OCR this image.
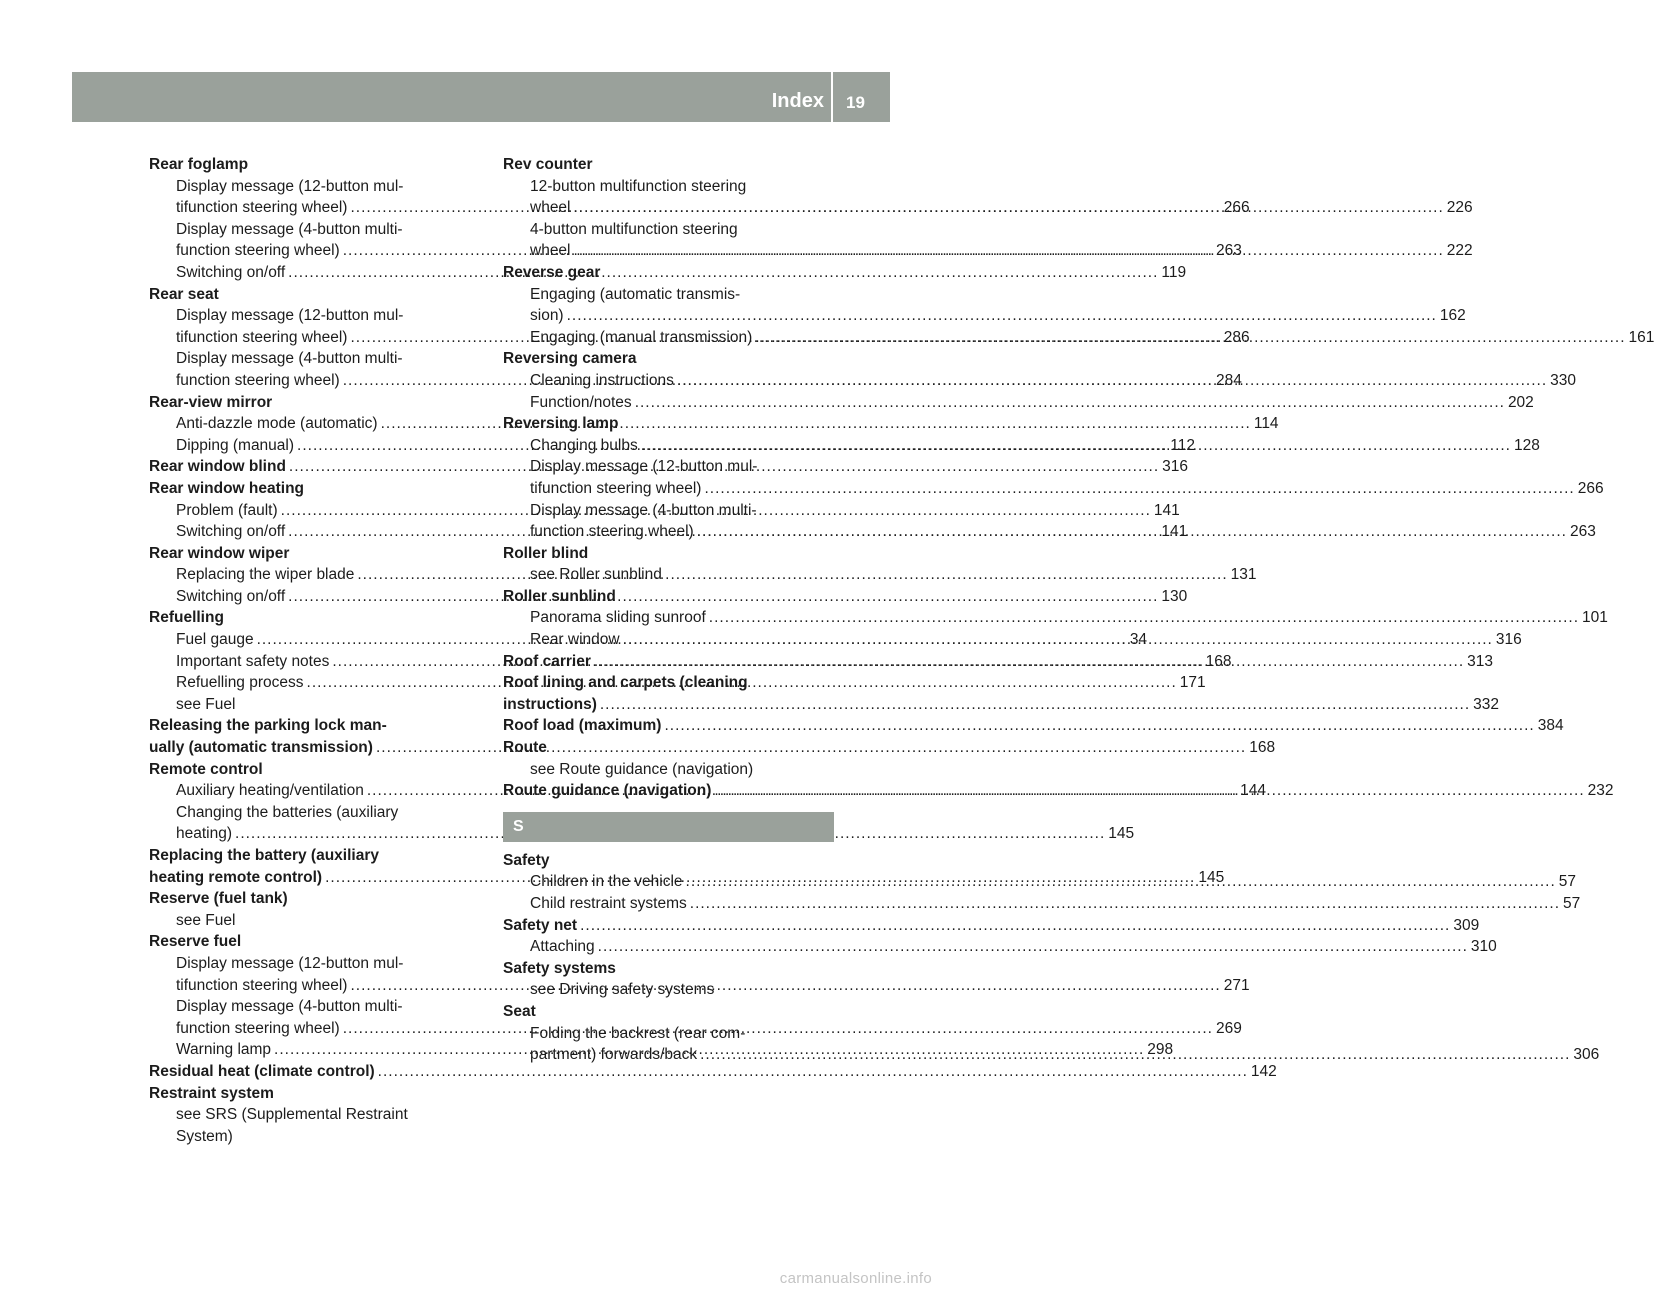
Index 19
Rear foglamp
Display message (12-button mul-
tifunction steering wheel) .....	266
Display message (4-button multi-
function steering wheel) .....	263
Switching on/off .....	119
Rear seat
Display message (12-button mul-
tifunction steering wheel) .....	286
Display message (4-button multi-
function steering wheel) .....	284
Rear-view mirror
Anti-dazzle mode (automatic) .....	114
Dipping (manual) .....	112
Rear window blind .....	316
Rear window heating
Problem (fault) .....	141
Switching on/off .....	141
Rear window wiper
Replacing the wiper blade .....	131
Switching on/off .....	130
Refuelling
Fuel gauge .....	34
Important safety notes .....	168
Refuelling process .....	171
see Fuel
Releasing the parking lock man-
ually (automatic transmission) .....	168
Remote control
Auxiliary heating/ventilation .....	144
Changing the batteries (auxiliary
heating) .....	145
Replacing the battery (auxiliary
heating remote control) .....	145
Reserve (fuel tank)
see Fuel
Reserve fuel
Display message (12-button mul-
tifunction steering wheel) .....	271
Display message (4-button multi-
function steering wheel) .....	269
Warning lamp .....	298
Residual heat (climate control) .....	142
Restraint system
see SRS (Supplemental Restraint
System)
Rev counter
12-button multifunction steering
wheel .....	226
4-button multifunction steering
wheel .....	222
Reverse gear
Engaging (automatic transmis-
sion) .....	162
Engaging (manual transmission) .....	161
Reversing camera
Cleaning instructions .....	330
Function/notes .....	202
Reversing lamp
Changing bulbs .....	128
Display message (12-button mul-
tifunction steering wheel) .....	266
Display message (4-button multi-
function steering wheel) .....	263
Roller blind
see Roller sunblind
Roller sunblind
Panorama sliding sunroof .....	101
Rear window .....	316
Roof carrier .....	313
Roof lining and carpets (cleaning
instructions) .....	332
Roof load (maximum) .....	384
Route
see Route guidance (navigation)
Route guidance (navigation) .....	232
S
Safety
Children in the vehicle .....	57
Child restraint systems .....	57
Safety net .....	309
Attaching .....	310
Safety systems
see Driving safety systems
Seat
Folding the backrest (rear com-
partment) forwards/back .....	306
carmanualsonline.info
